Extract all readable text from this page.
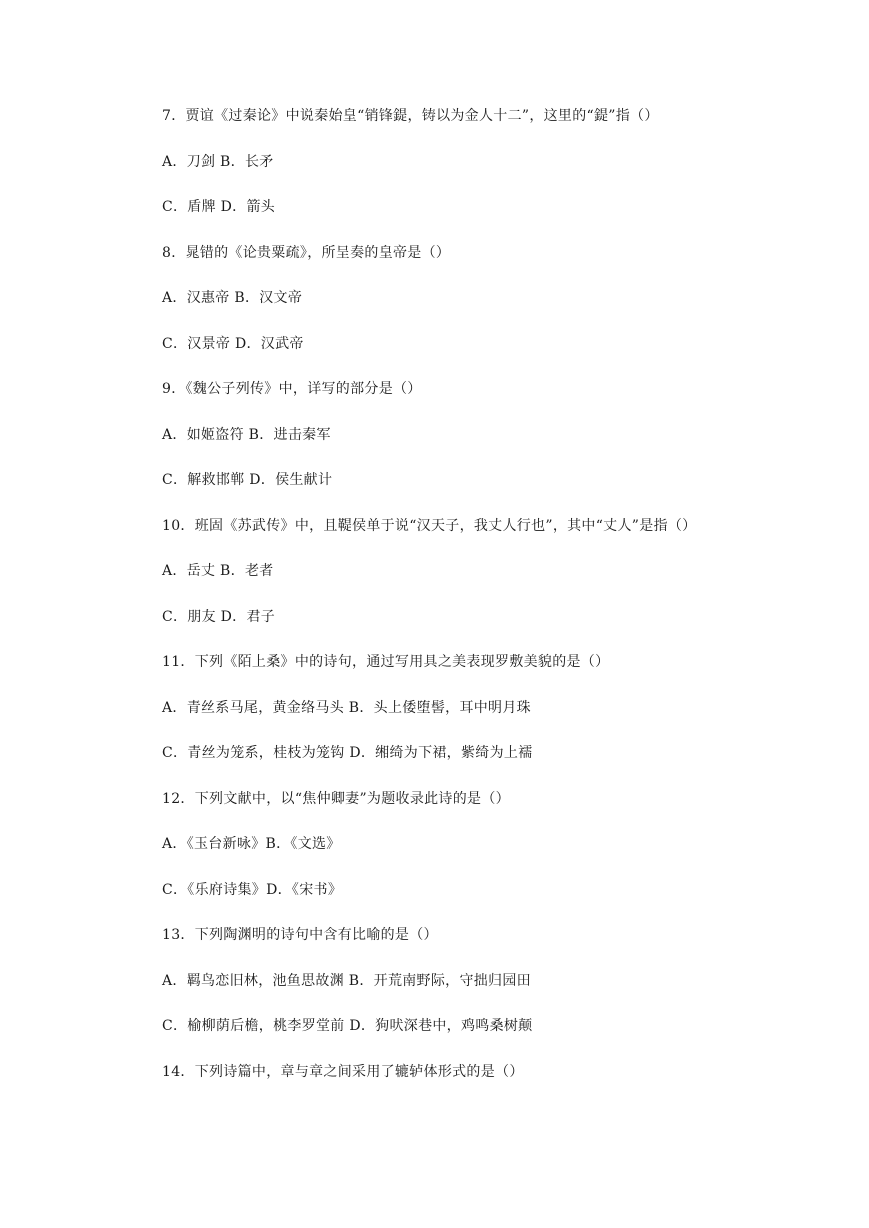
7．贾谊《过秦论》中说秦始皇“销锋鍉，铸以为金人十二”，这里的“鍉”指（）
A．刀剑 B．长矛
C．盾牌 D．箭头
8．晁错的《论贵粟疏》，所呈奏的皇帝是（）
A．汉惠帝 B．汉文帝
C．汉景帝 D．汉武帝
9．《魏公子列传》中，详写的部分是（）
A．如姬盗符 B．进击秦军
C．解救邯郸 D．侯生献计
10．班固《苏武传》中，且鞮侯单于说“汉天子，我丈人行也”，其中“丈人”是指（）
A．岳丈 B．老者
C．朋友 D．君子
11．下列《陌上桑》中的诗句，通过写用具之美表现罗敷美貌的是（）
A．青丝系马尾，黄金络马头 B．头上倭堕髻，耳中明月珠
C．青丝为笼系，桂枝为笼钩 D．缃绮为下裙，紫绮为上襦
12．下列文献中，以“焦仲卿妻”为题收录此诗的是（）
A．《玉台新咏》B．《文选》
C．《乐府诗集》D．《宋书》
13．下列陶渊明的诗句中含有比喻的是（）
A．羁鸟恋旧林，池鱼思故渊 B．开荒南野际，守拙归园田
C．榆柳荫后檐，桃李罗堂前 D．狗吠深巷中，鸡鸣桑树颠
14．下列诗篇中，章与章之间采用了辘轳体形式的是（）
